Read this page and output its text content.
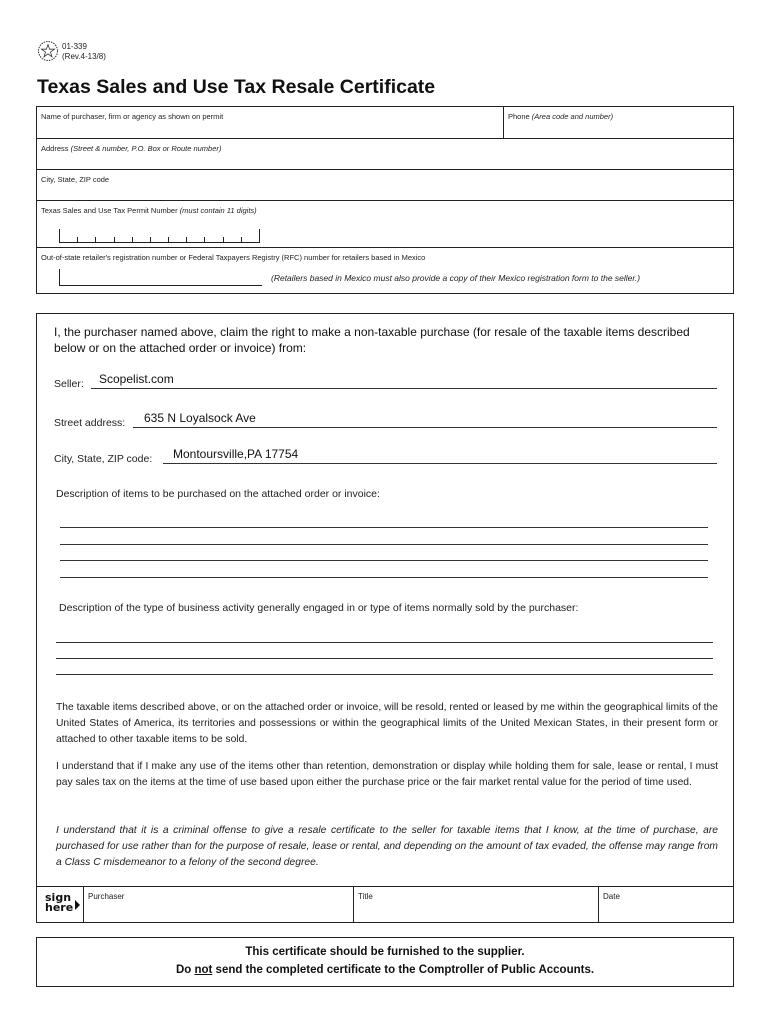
01-339
(Rev.4-13/8)
Texas Sales and Use Tax Resale Certificate
Name of purchaser, firm or agency as shown on permit	Phone (Area code and number)
Address (Street & number, P.O. Box or Route number)
City, State, ZIP code
Texas Sales and Use Tax Permit Number (must contain 11 digits)
Out-of-state retailer's registration number or Federal Taxpayers Registry (RFC) number for retailers based in Mexico
(Retailers based in Mexico must also provide a copy of their Mexico registration form to the seller.)
I, the purchaser named above, claim the right to make a non-taxable purchase (for resale of the taxable items described below or on the attached order or invoice) from:
Seller: Scopelist.com
Street address: 635 N Loyalsock Ave
City, State, ZIP code: Montoursville,PA 17754
Description of items to be purchased on the attached order or invoice:
Description of the type of business activity generally engaged in or type of items normally sold by the purchaser:
The taxable items described above, or on the attached order or invoice, will be resold, rented or leased by me within the geographical limits of the United States of America, its territories and possessions or within the geographical limits of the United Mexican States, in their present form or attached to other taxable items to be sold.
I understand that if I make any use of the items other than retention, demonstration or display while holding them for sale, lease or rental, I must pay sales tax on the items at the time of use based upon either the purchase price or the fair market rental value for the period of time used.
I understand that it is a criminal offense to give a resale certificate to the seller for taxable items that I know, at the time of purchase, are purchased for use rather than for the purpose of resale, lease or rental, and depending on the amount of tax evaded, the offense may range from a Class C misdemeanor to a felony of the second degree.
sign
here
Purchaser	Title	Date
This certificate should be furnished to the supplier.
Do not send the completed certificate to the Comptroller of Public Accounts.
